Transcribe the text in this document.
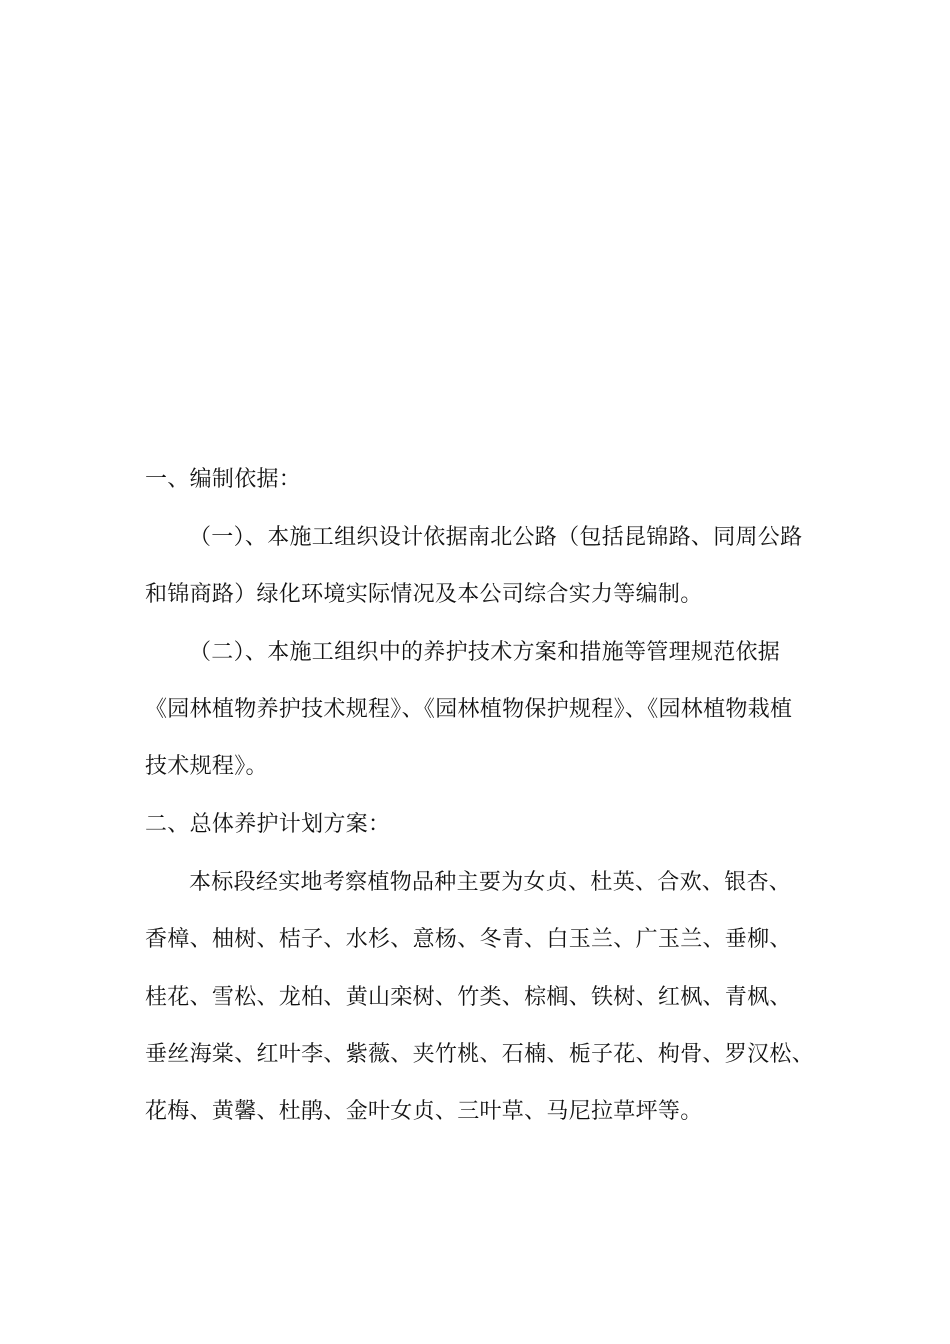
一、编制依据：
（一）、本施工组织设计依据南北公路（包括昆锦路、同周公路
和锦商路）绿化环境实际情况及本公司综合实力等编制。
（二）、本施工组织中的养护技术方案和措施等管理规范依据
《园林植物养护技术规程》、《园林植物保护规程》、《园林植物栽植
技术规程》。
二、总体养护计划方案：
本标段经实地考察植物品种主要为女贞、杜英、合欢、银杏、
香樟、柚树、桔子、水杉、意杨、冬青、白玉兰、广玉兰、垂柳、
桂花、雪松、龙柏、黄山栾树、竹类、棕榈、铁树、红枫、青枫、
垂丝海棠、红叶李、紫薇、夹竹桃、石楠、栀子花、枸骨、罗汉松、
花梅、黄馨、杜鹃、金叶女贞、三叶草、马尼拉草坪等。
